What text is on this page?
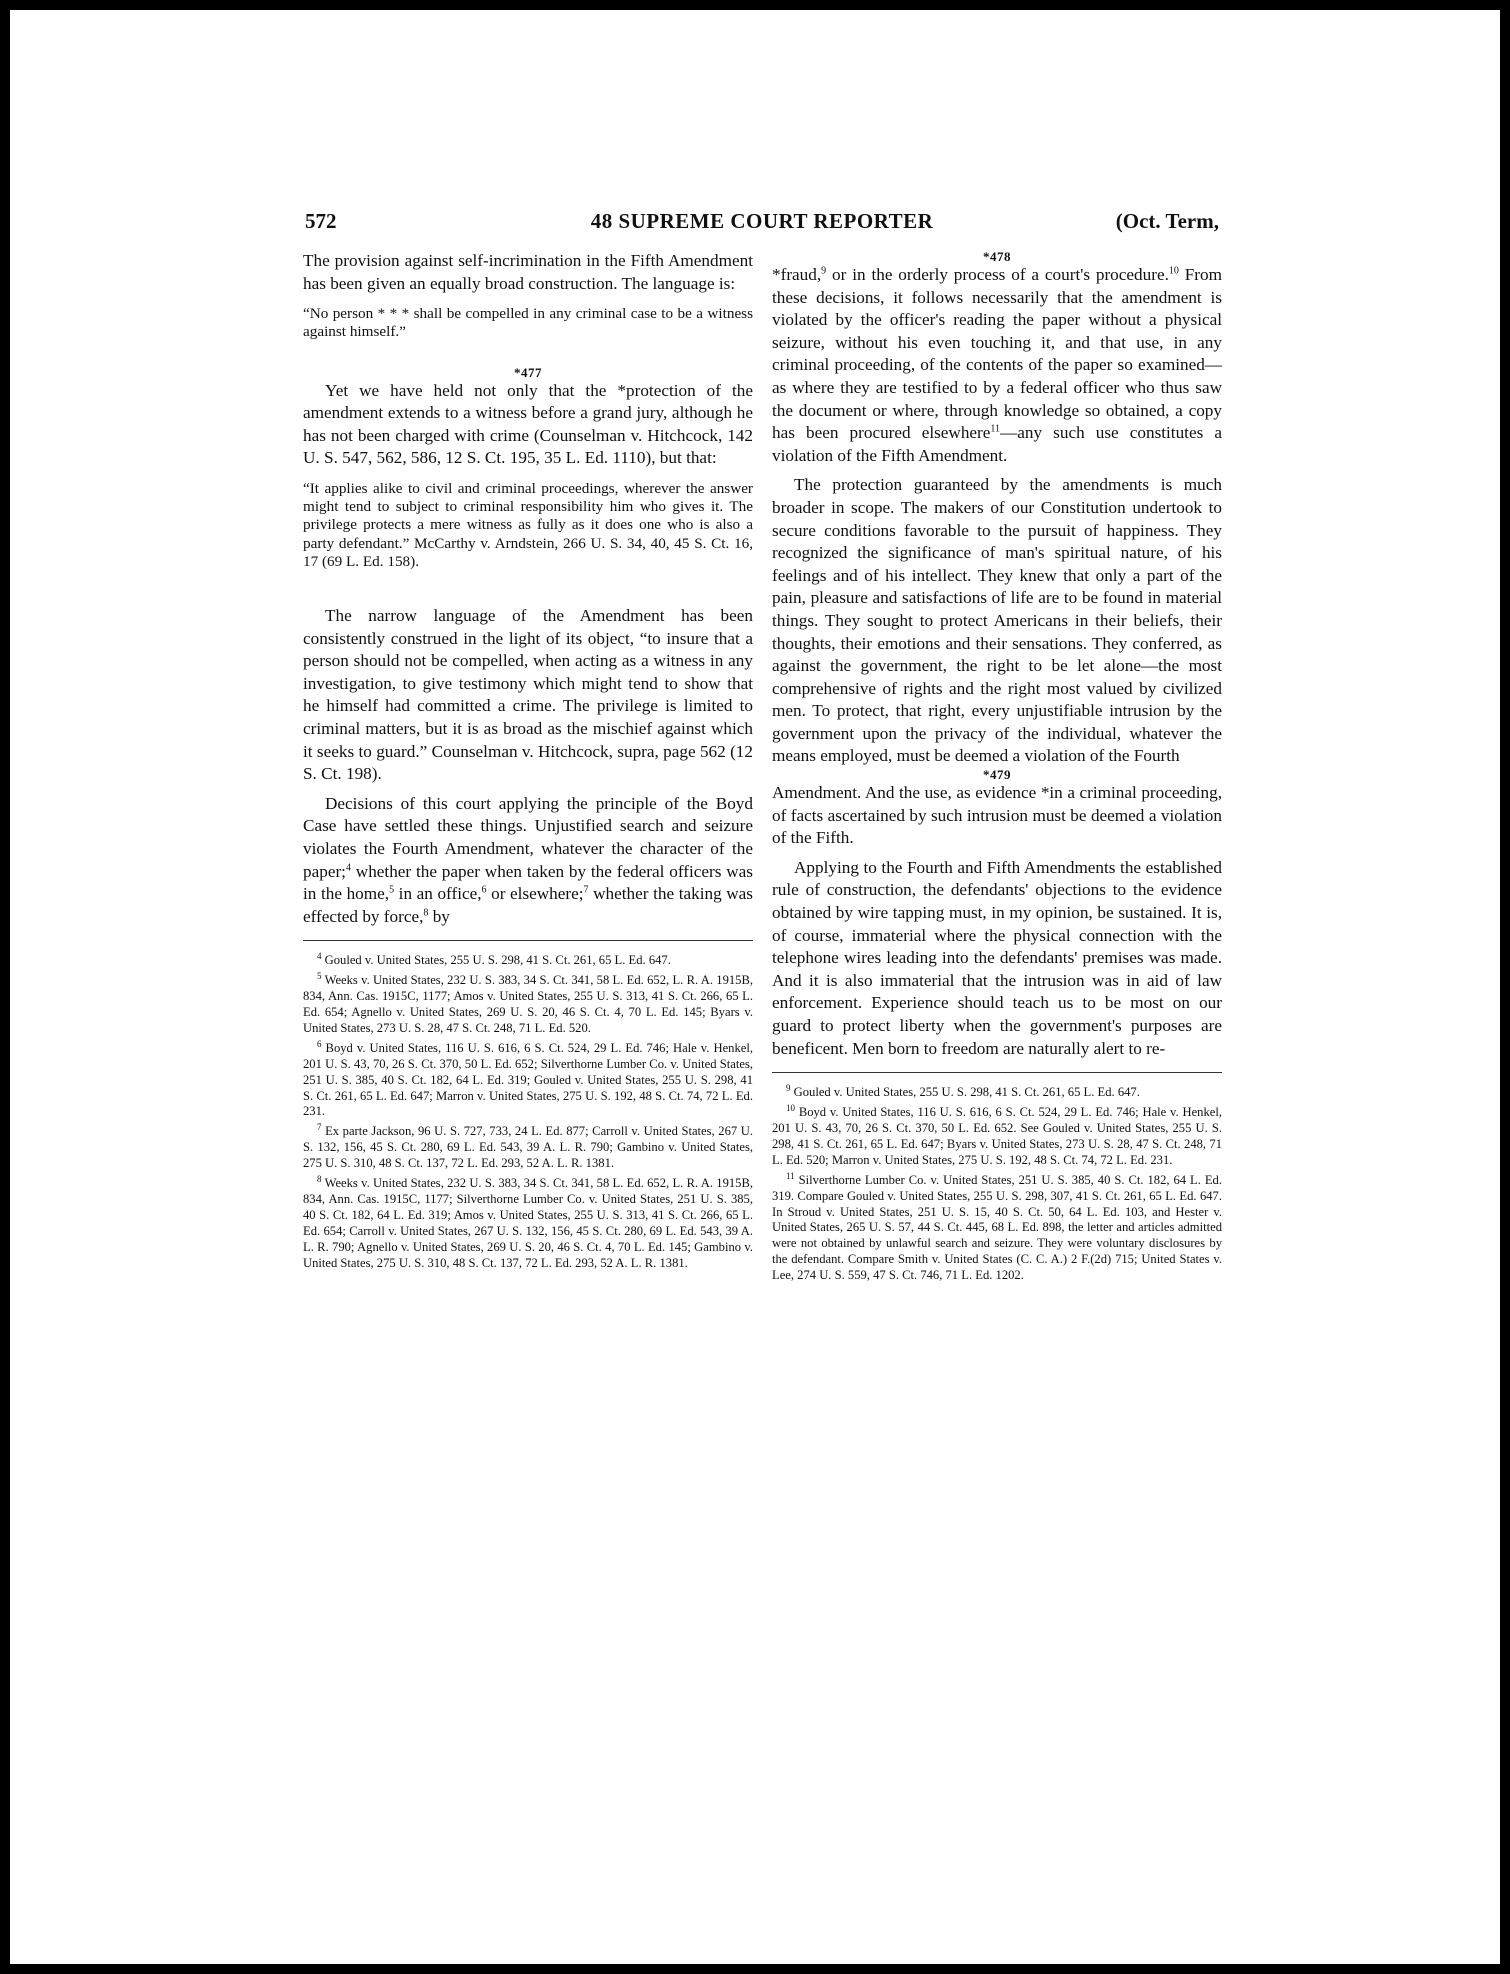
572	48 SUPREME COURT REPORTER	(Oct. Term,

The provision against self-incrimination in the Fifth Amendment has been given an equally broad construction. The language is:

“No person * * * shall be compelled in any criminal case to be a witness against himself.”

*477

Yet we have held not only that the *protection of the amendment extends to a witness before a grand jury, although he has not been charged with crime (Counselman v. Hitchcock, 142 U. S. 547, 562, 586, 12 S. Ct. 195, 35 L. Ed. 1110), but that:

“It applies alike to civil and criminal proceedings, wherever the answer might tend to subject to criminal responsibility him who gives it. The privilege protects a mere witness as fully as it does one who is also a party defendant.” McCarthy v. Arndstein, 266 U. S. 34, 40, 45 S. Ct. 16, 17 (69 L. Ed. 158).

The narrow language of the Amendment has been consistently construed in the light of its object, “to insure that a person should not be compelled, when acting as a witness in any investigation, to give testimony which might tend to show that he himself had committed a crime. The privilege is limited to criminal matters, but it is as broad as the mischief against which it seeks to guard.” Counselman v. Hitchcock, supra, page 562 (12 S. Ct. 198).

Decisions of this court applying the principle of the Boyd Case have settled these things. Unjustified search and seizure violates the Fourth Amendment, whatever the character of the paper;$^4$ whether the paper when taken by the federal officers was in the home,$^5$ in an office,$^6$ or elsewhere;$^7$ whether the taking was effected by force,$^8$ by

$^4$ Gouled v. United States, 255 U. S. 298, 41 S. Ct. 261, 65 L. Ed. 647.

$^5$ Weeks v. United States, 232 U. S. 383, 34 S. Ct. 341, 58 L. Ed. 652, L. R. A. 1915B, 834, Ann. Cas. 1915C, 1177; Amos v. United States, 255 U. S. 313, 41 S. Ct. 266, 65 L. Ed. 654; Agnello v. United States, 269 U. S. 20, 46 S. Ct. 4, 70 L. Ed. 145; Byars v. United States, 273 U. S. 28, 47 S. Ct. 248, 71 L. Ed. 520.

$^6$ Boyd v. United States, 116 U. S. 616, 6 S. Ct. 524, 29 L. Ed. 746; Hale v. Henkel, 201 U. S. 43, 70, 26 S. Ct. 370, 50 L. Ed. 652; Silverthorne Lumber Co. v. United States, 251 U. S. 385, 40 S. Ct. 182, 64 L. Ed. 319; Gouled v. United States, 255 U. S. 298, 41 S. Ct. 261, 65 L. Ed. 647; Marron v. United States, 275 U. S. 192, 48 S. Ct. 74, 72 L. Ed. 231.

$^7$ Ex parte Jackson, 96 U. S. 727, 733, 24 L. Ed. 877; Carroll v. United States, 267 U. S. 132, 156, 45 S. Ct. 280, 69 L. Ed. 543, 39 A. L. R. 790; Gambino v. United States, 275 U. S. 310, 48 S. Ct. 137, 72 L. Ed. 293, 52 A. L. R. 1381.

$^8$ Weeks v. United States, 232 U. S. 383, 34 S. Ct. 341, 58 L. Ed. 652, L. R. A. 1915B, 834, Ann. Cas. 1915C, 1177; Silverthorne Lumber Co. v. United States, 251 U. S. 385, 40 S. Ct. 182, 64 L. Ed. 319; Amos v. United States, 255 U. S. 313, 41 S. Ct. 266, 65 L. Ed. 654; Carroll v. United States, 267 U. S. 132, 156, 45 S. Ct. 280, 69 L. Ed. 543, 39 A. L. R. 790; Agnello v. United States, 269 U. S. 20, 46 S. Ct. 4, 70 L. Ed. 145; Gambino v. United States, 275 U. S. 310, 48 S. Ct. 137, 72 L. Ed. 293, 52 A. L. R. 1381.

*478

*fraud,$^9$ or in the orderly process of a court's procedure.$^{10}$ From these decisions, it follows necessarily that the amendment is violated by the officer's reading the paper without a physical seizure, without his even touching it, and that use, in any criminal proceeding, of the contents of the paper so examined—as where they are testified to by a federal officer who thus saw the document or where, through knowledge so obtained, a copy has been procured elsewhere$^{11}$—any such use constitutes a violation of the Fifth Amendment.

The protection guaranteed by the amendments is much broader in scope. The makers of our Constitution undertook to secure conditions favorable to the pursuit of happiness. They recognized the significance of man's spiritual nature, of his feelings and of his intellect. They knew that only a part of the pain, pleasure and satisfactions of life are to be found in material things. They sought to protect Americans in their beliefs, their thoughts, their emotions and their sensations. They conferred, as against the government, the right to be let alone—the most comprehensive of rights and the right most valued by civilized men. To protect, that right, every unjustifiable intrusion by the government upon the privacy of the individual, whatever the means employed, must be deemed a violation of the Fourth

*479

Amendment. And the use, as evidence *in a criminal proceeding, of facts ascertained by such intrusion must be deemed a violation of the Fifth.

Applying to the Fourth and Fifth Amendments the established rule of construction, the defendants' objections to the evidence obtained by wire tapping must, in my opinion, be sustained. It is, of course, immaterial where the physical connection with the telephone wires leading into the defendants' premises was made. And it is also immaterial that the intrusion was in aid of law enforcement. Experience should teach us to be most on our guard to protect liberty when the government's purposes are beneficent. Men born to freedom are naturally alert to re-

$^9$ Gouled v. United States, 255 U. S. 298, 41 S. Ct. 261, 65 L. Ed. 647.

$^{10}$ Boyd v. United States, 116 U. S. 616, 6 S. Ct. 524, 29 L. Ed. 746; Hale v. Henkel, 201 U. S. 43, 70, 26 S. Ct. 370, 50 L. Ed. 652. See Gouled v. United States, 255 U. S. 298, 41 S. Ct. 261, 65 L. Ed. 647; Byars v. United States, 273 U. S. 28, 47 S. Ct. 248, 71 L. Ed. 520; Marron v. United States, 275 U. S. 192, 48 S. Ct. 74, 72 L. Ed. 231.

$^{11}$ Silverthorne Lumber Co. v. United States, 251 U. S. 385, 40 S. Ct. 182, 64 L. Ed. 319. Compare Gouled v. United States, 255 U. S. 298, 307, 41 S. Ct. 261, 65 L. Ed. 647. In Stroud v. United States, 251 U. S. 15, 40 S. Ct. 50, 64 L. Ed. 103, and Hester v. United States, 265 U. S. 57, 44 S. Ct. 445, 68 L. Ed. 898, the letter and articles admitted were not obtained by unlawful search and seizure. They were voluntary disclosures by the defendant. Compare Smith v. United States (C. C. A.) 2 F.(2d) 715; United States v. Lee, 274 U. S. 559, 47 S. Ct. 746, 71 L. Ed. 1202.
